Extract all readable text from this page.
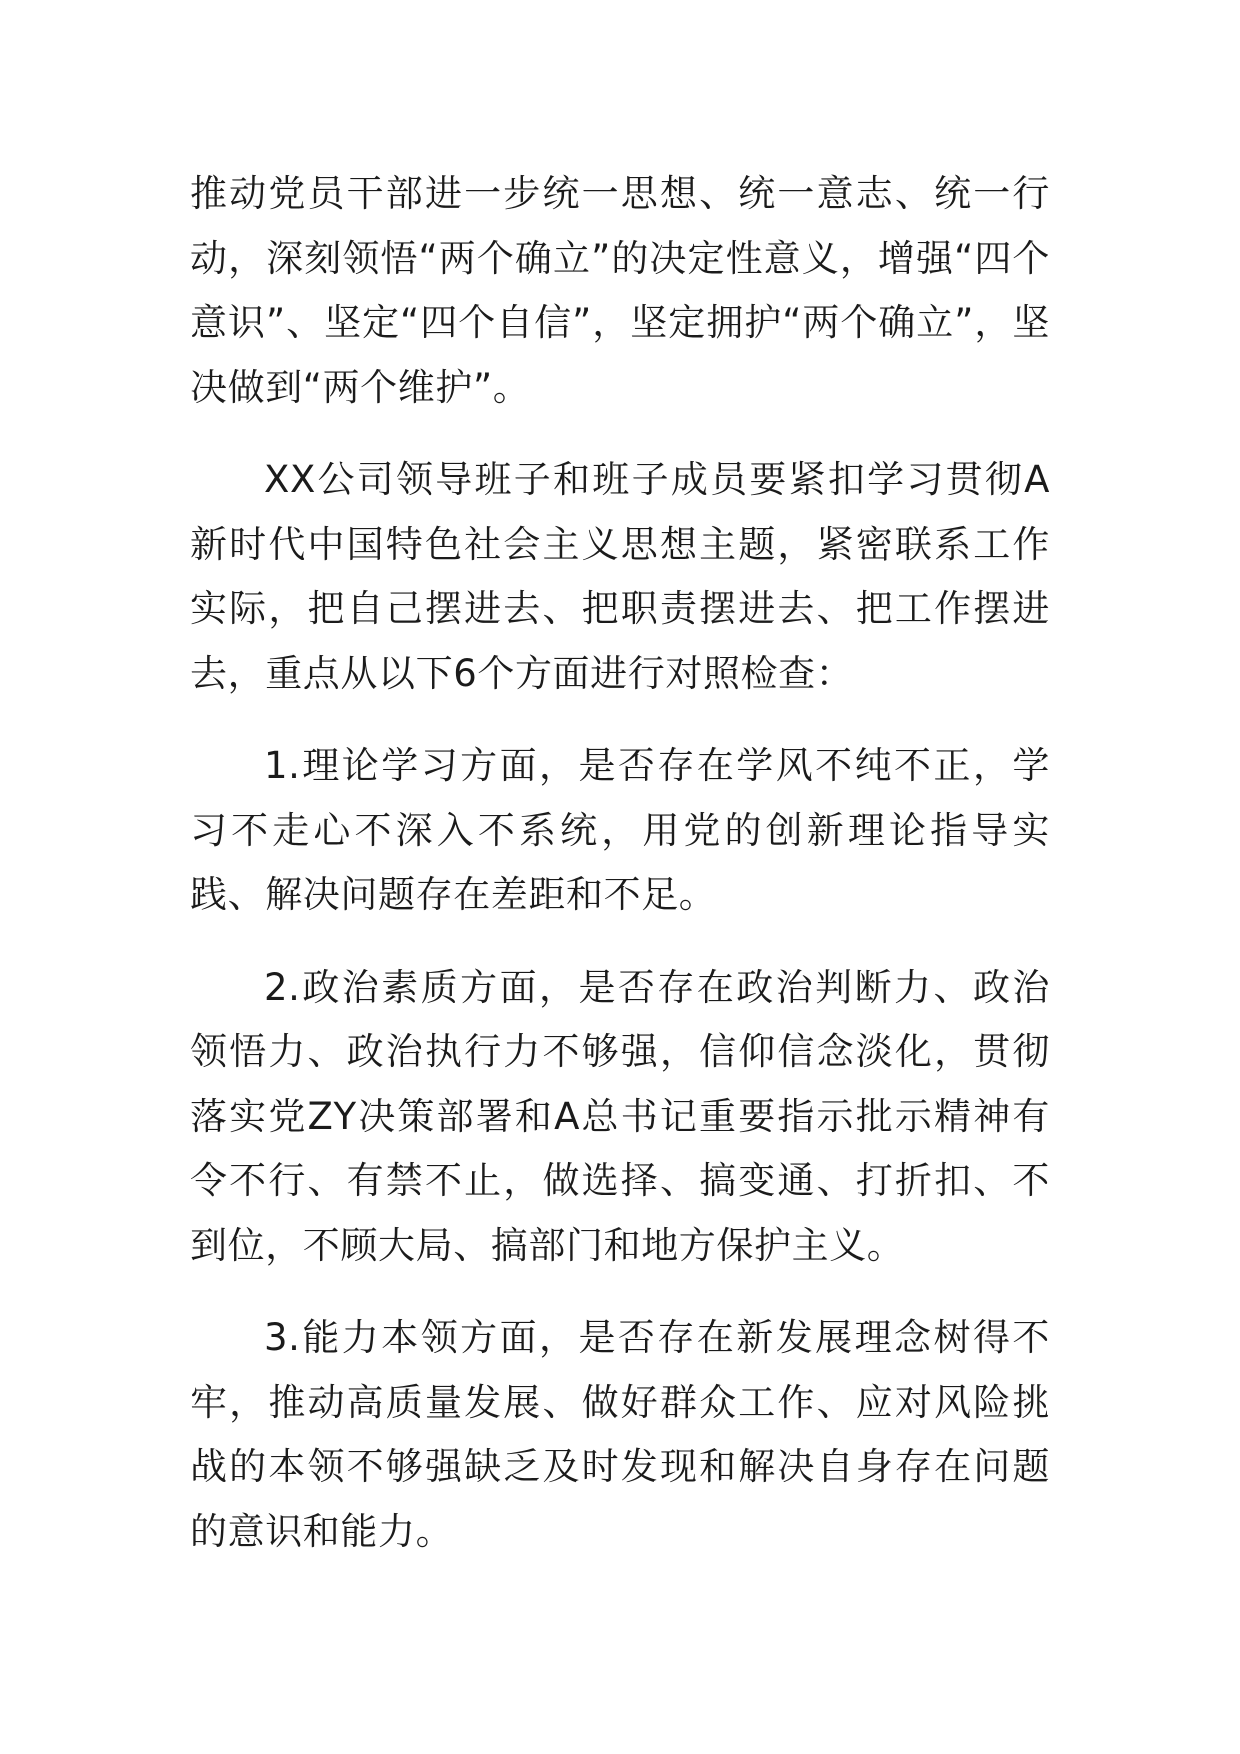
推动党员干部进一步统一思想、统一意志、统一行动，深刻领悟“两个确立”的决定性意义，增强“四个意识”、坚定“四个自信”，坚定拥护“两个确立”，坚决做到“两个维护”。

XX公司领导班子和班子成员要紧扣学习贯彻A新时代中国特色社会主义思想主题，紧密联系工作实际，把自己摆进去、把职责摆进去、把工作摆进去，重点从以下6个方面进行对照检查：

1.理论学习方面，是否存在学风不纯不正，学习不走心不深入不系统，用党的创新理论指导实践、解决问题存在差距和不足。

2.政治素质方面，是否存在政治判断力、政治领悟力、政治执行力不够强，信仰信念淡化，贯彻落实党ZY决策部署和A总书记重要指示批示精神有令不行、有禁不止，做选择、搞变通、打折扣、不到位，不顾大局、搞部门和地方保护主义。

3.能力本领方面，是否存在新发展理念树得不牢，推动高质量发展、做好群众工作、应对风险挑战的本领不够强缺乏及时发现和解决自身存在问题的意识和能力。
